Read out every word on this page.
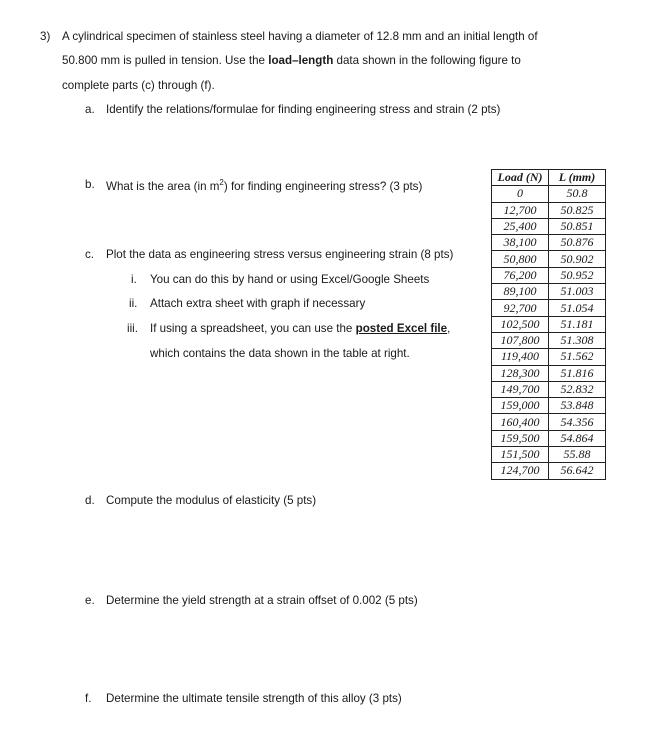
3) A cylindrical specimen of stainless steel having a diameter of 12.8 mm and an initial length of
50.800 mm is pulled in tension. Use the load–length data shown in the following figure to
complete parts (c) through (f).
a. Identify the relations/formulae for finding engineering stress and strain (2 pts)
b. What is the area (in $m^2$) for finding engineering stress? (3 pts)
c. Plot the data as engineering stress versus engineering strain (8 pts)
i. You can do this by hand or using Excel/Google Sheets
ii. Attach extra sheet with graph if necessary
iii. If using a spreadsheet, you can use the posted Excel file,
which contains the data shown in the table at right.
d. Compute the modulus of elasticity (5 pts)
e. Determine the yield strength at a strain offset of 0.002 (5 pts)
f. Determine the ultimate tensile strength of this alloy (3 pts)
Load (N)	L (mm)
0	50.8
12,700	50.825
25,400	50.851
38,100	50.876
50,800	50.902
76,200	50.952
89,100	51.003
92,700	51.054
102,500	51.181
107,800	51.308
119,400	51.562
128,300	51.816
149,700	52.832
159,000	53.848
160,400	54.356
159,500	54.864
151,500	55.88
124,700	56.642
